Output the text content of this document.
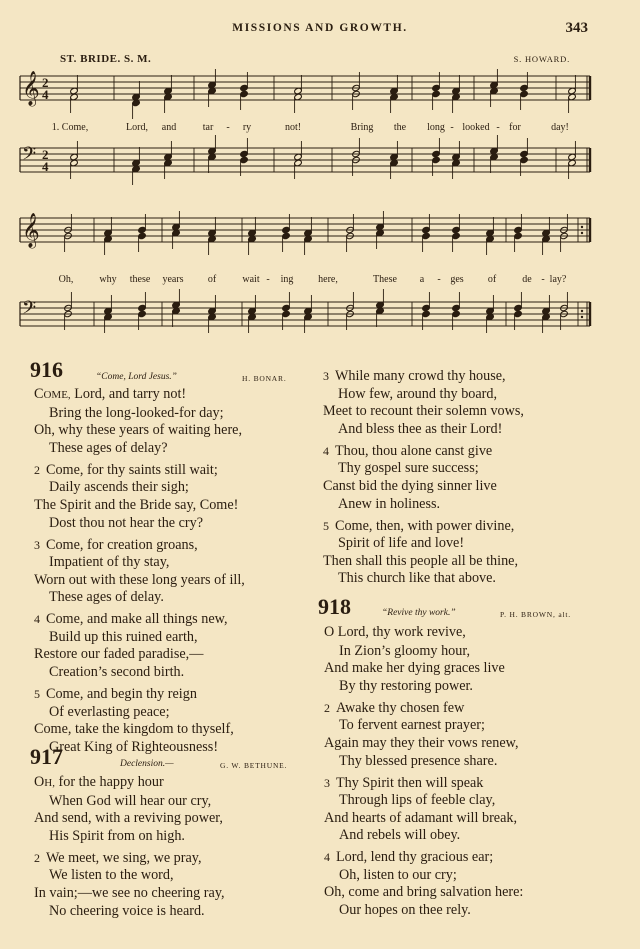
MISSIONS AND GROWTH.	343
ST. BRIDE. S. M.	S. HOWARD.
𝄞 2
4
1. Come,	Lord, and	tar - ry	not!	Bring the long - looked - for	day!
𝄢 2
4
𝄞
Oh,	why these years of	wait - ing here,	These a - ges of	de - lay?
𝄢
916	“Come, Lord Jesus.”	H. BONAR.
COME, Lord, and tarry not!
Bring the long-looked-for day;
Oh, why these years of waiting here,
These ages of delay?
2 Come, for thy saints still wait;
Daily ascends their sigh;
The Spirit and the Bride say, Come!
Dost thou not hear the cry?
3 Come, for creation groans,
Impatient of thy stay,
Worn out with these long years of ill,
These ages of delay.
4 Come, and make all things new,
Build up this ruined earth,
Restore our faded paradise,—
Creation’s second birth.
5 Come, and begin thy reign
Of everlasting peace;
Come, take the kingdom to thyself,
Great King of Righteousness!
917	Declension.—	G. W. BETHUNE.
OH, for the happy hour
When God will hear our cry,
And send, with a reviving power,
His Spirit from on high.
2 We meet, we sing, we pray,
We listen to the word,
In vain;—we see no cheering ray,
No cheering voice is heard.
3 While many crowd thy house,
How few, around thy board,
Meet to recount their solemn vows,
And bless thee as their Lord!
4 Thou, thou alone canst give
Thy gospel sure success;
Canst bid the dying sinner live
Anew in holiness.
5 Come, then, with power divine,
Spirit of life and love!
Then shall this people all be thine,
This church like that above.
918	“Revive thy work.”	P. H. BROWN, alt.
O Lord, thy work revive,
In Zion’s gloomy hour,
And make her dying graces live
By thy restoring power.
2 Awake thy chosen few
To fervent earnest prayer;
Again may they their vows renew,
Thy blessed presence share.
3 Thy Spirit then will speak
Through lips of feeble clay,
And hearts of adamant will break,
And rebels will obey.
4 Lord, lend thy gracious ear;
Oh, listen to our cry;
Oh, come and bring salvation here:
Our hopes on thee rely.
